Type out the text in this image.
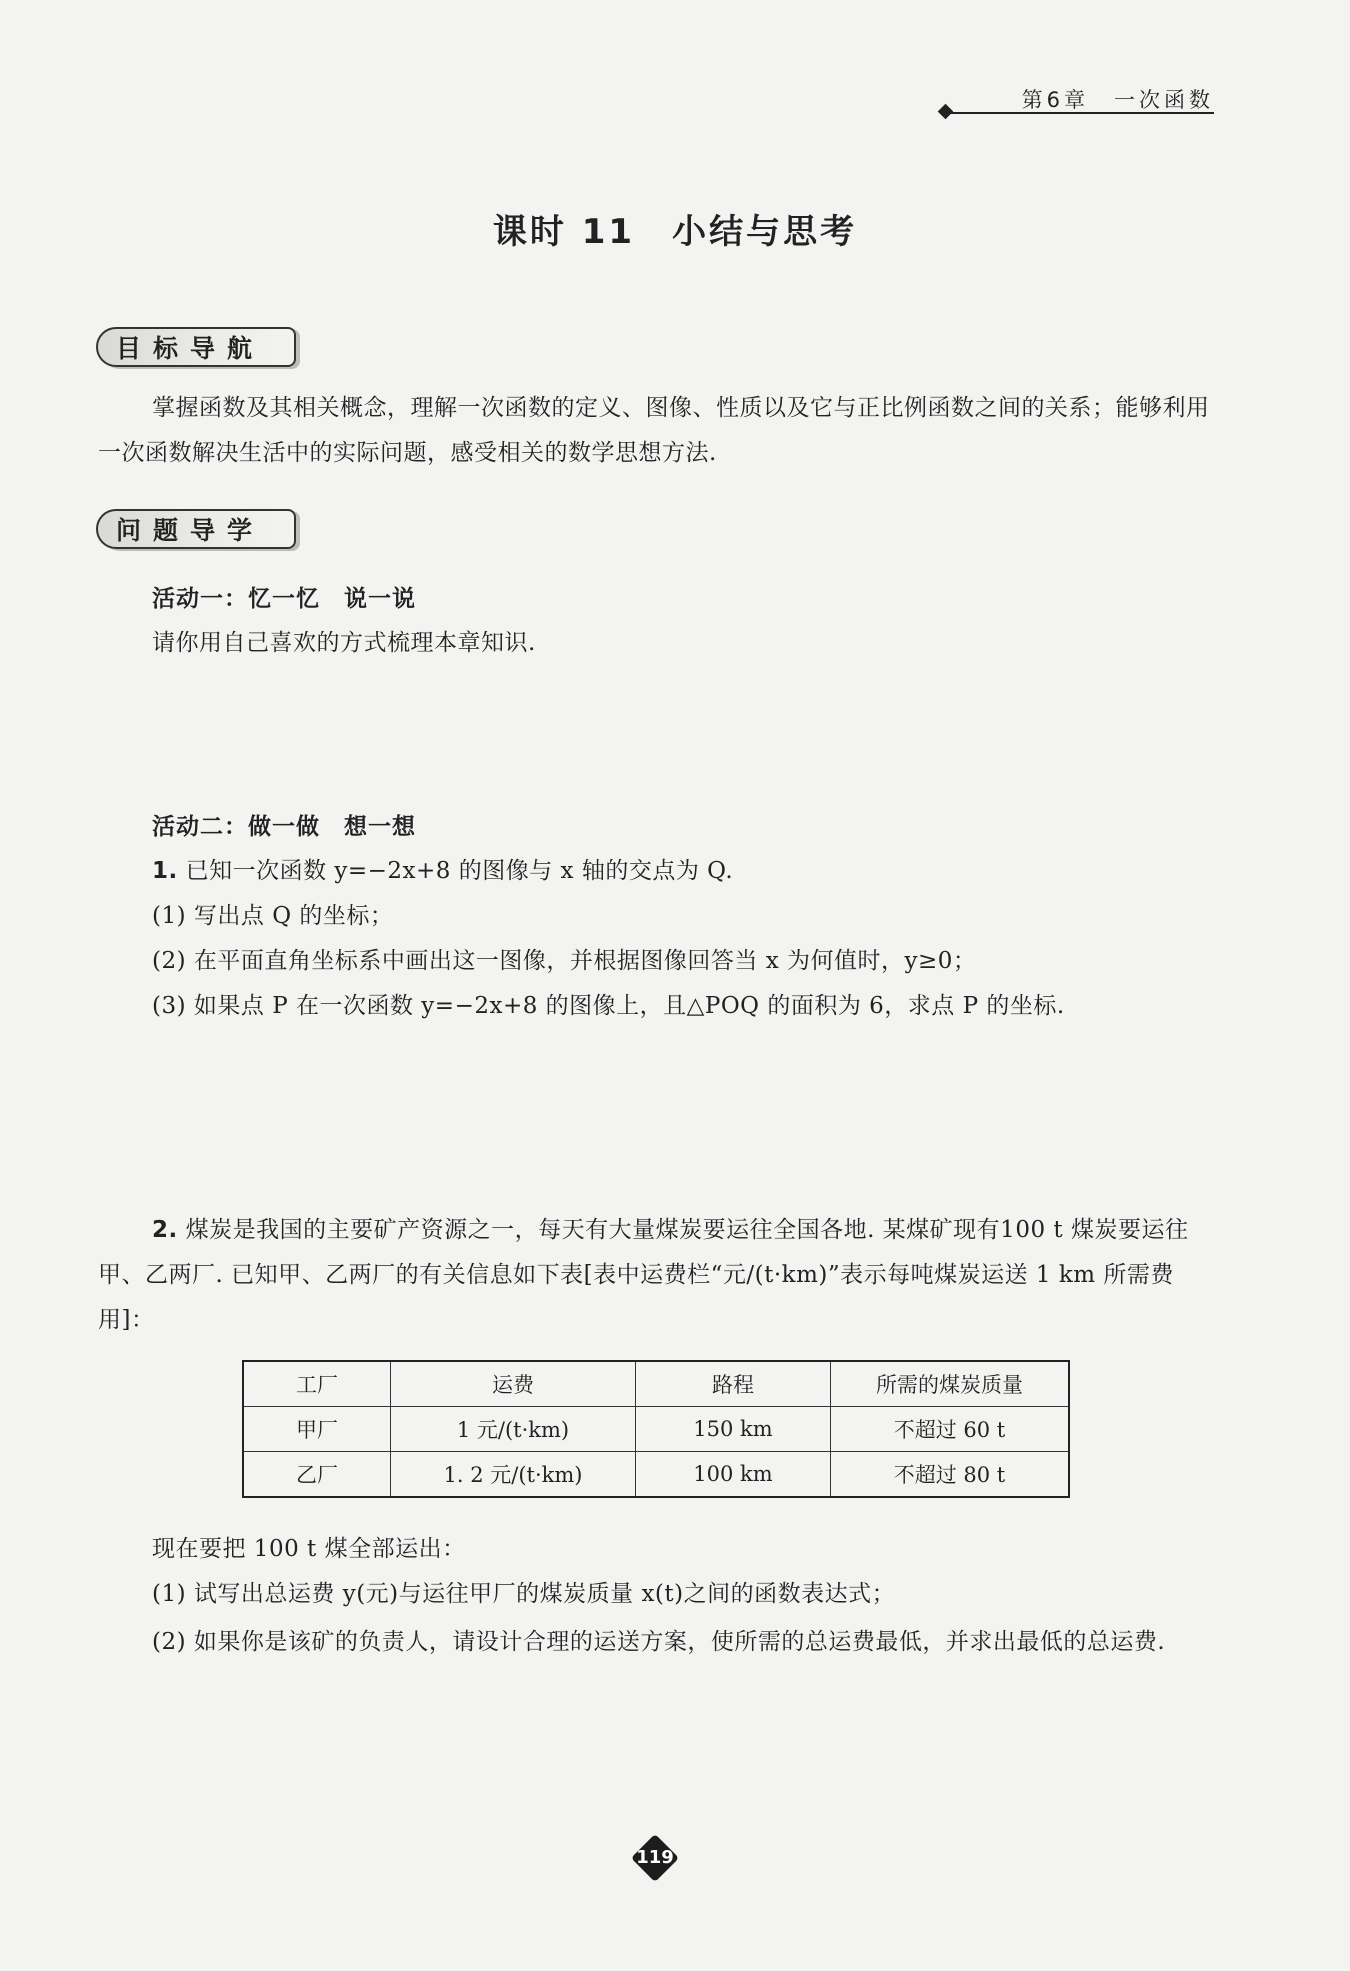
第6章　一次函数
课时 11　小结与思考
目标导航
掌握函数及其相关概念，理解一次函数的定义、图像、性质以及它与正比例函数之间的关系；能够利用一次函数解决生活中的实际问题，感受相关的数学思想方法.
问题导学
活动一：忆一忆　说一说
请你用自己喜欢的方式梳理本章知识.
活动二：做一做　想一想
1. 已知一次函数 y=−2x+8 的图像与 x 轴的交点为 Q.
(1) 写出点 Q 的坐标；
(2) 在平面直角坐标系中画出这一图像，并根据图像回答当 x 为何值时，y≥0；
(3) 如果点 P 在一次函数 y=−2x+8 的图像上，且△POQ 的面积为 6，求点 P 的坐标.
2. 煤炭是我国的主要矿产资源之一，每天有大量煤炭要运往全国各地. 某煤矿现有100 t 煤炭要运往甲、乙两厂. 已知甲、乙两厂的有关信息如下表[表中运费栏“元/(t·km)”表示每吨煤炭运送 1 km 所需费用]：
工厂	运费	路程	所需的煤炭质量
甲厂	1 元/(t·km)	150 km	不超过 60 t
乙厂	1. 2 元/(t·km)	100 km	不超过 80 t
现在要把 100 t 煤全部运出：
(1) 试写出总运费 y(元)与运往甲厂的煤炭质量 x(t)之间的函数表达式；
(2) 如果你是该矿的负责人，请设计合理的运送方案，使所需的总运费最低，并求出最低的总运费.
119
